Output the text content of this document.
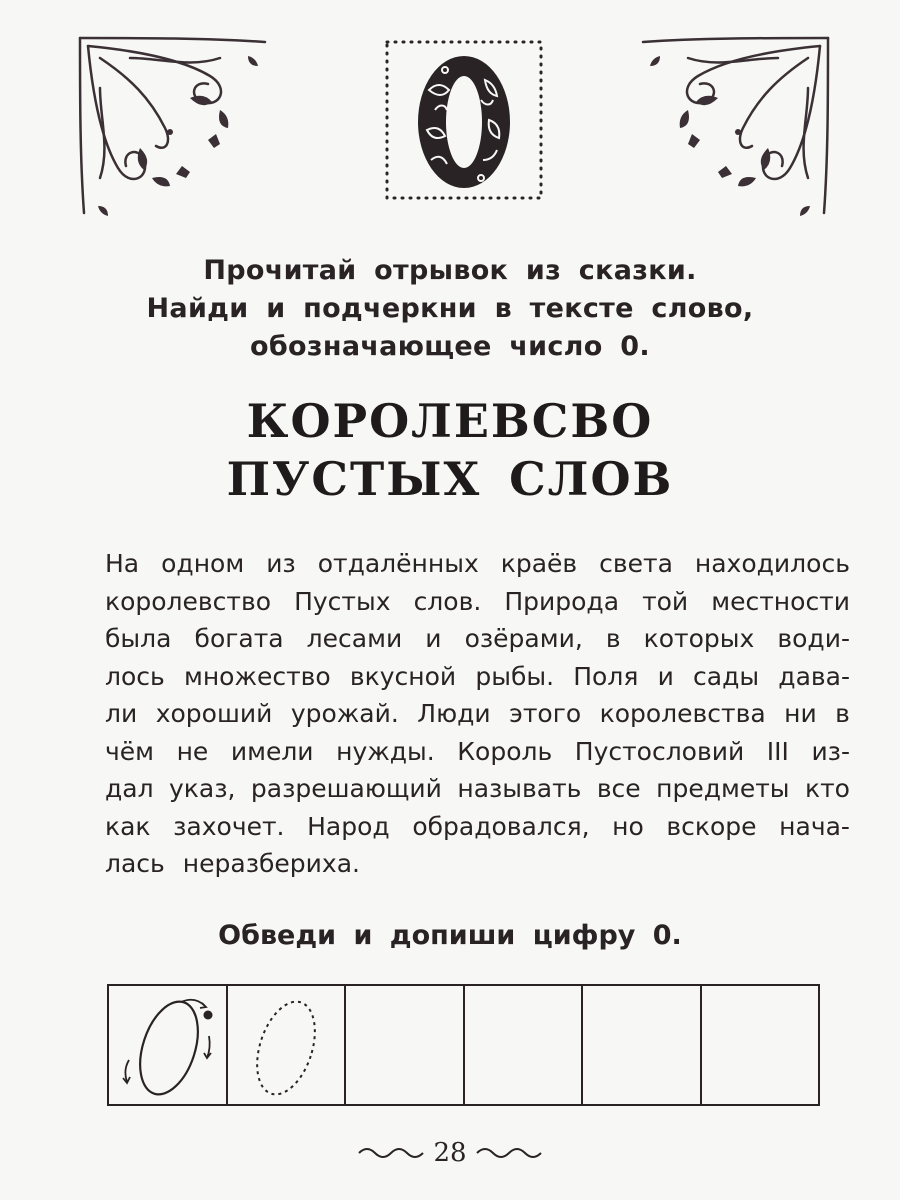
Прочитай отрывок из сказки.
Найди и подчеркни в тексте слово,
обозначающее число 0.
КОРОЛЕВСВО
ПУСТЫХ СЛОВ
На одном из отдалённых краёв света находилось
королевство Пустых слов. Природа той местности
была богата лесами и озёрами, в которых води-
лось множество вкусной рыбы. Поля и сады дава-
ли хороший урожай. Люди этого королевства ни в
чём не имели нужды. Король Пустословий III из-
дал указ, разрешающий называть все предметы кто
как захочет. Народ обрадовался, но вскоре нача-
лась неразбериха.
Обведи и допиши цифру 0.
28
